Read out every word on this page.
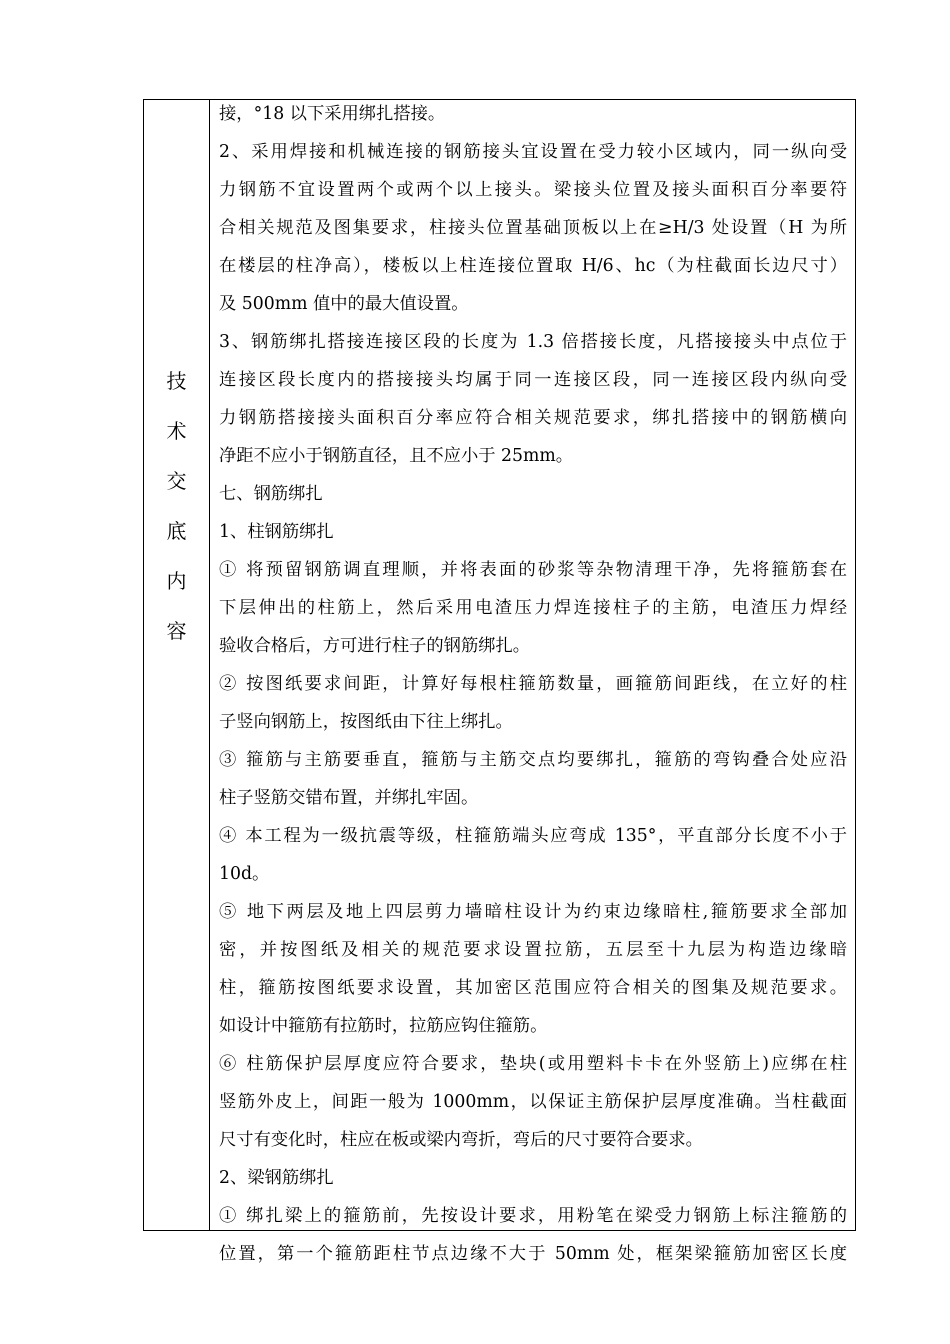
技
术
交
底
内
容
接，°18 以下采用绑扎搭接。
2、采用焊接和机械连接的钢筋接头宜设置在受力较小区域内，同一纵向受
力钢筋不宜设置两个或两个以上接头。梁接头位置及接头面积百分率要符
合相关规范及图集要求，柱接头位置基础顶板以上在≥H/3 处设置（H 为所
在楼层的柱净高），楼板以上柱连接位置取 H/6、hc（为柱截面长边尺寸）
及 500mm 值中的最大值设置。
3、钢筋绑扎搭接连接区段的长度为 1.3 倍搭接长度，凡搭接接头中点位于
连接区段长度内的搭接接头均属于同一连接区段，同一连接区段内纵向受
力钢筋搭接接头面积百分率应符合相关规范要求，绑扎搭接中的钢筋横向
净距不应小于钢筋直径，且不应小于 25mm。
七、钢筋绑扎
1、柱钢筋绑扎
① 将预留钢筋调直理顺，并将表面的砂浆等杂物清理干净，先将箍筋套在
下层伸出的柱筋上，然后采用电渣压力焊连接柱子的主筋，电渣压力焊经
验收合格后，方可进行柱子的钢筋绑扎。
② 按图纸要求间距，计算好每根柱箍筋数量，画箍筋间距线，在立好的柱
子竖向钢筋上，按图纸由下往上绑扎。
③ 箍筋与主筋要垂直，箍筋与主筋交点均要绑扎，箍筋的弯钩叠合处应沿
柱子竖筋交错布置，并绑扎牢固。
④ 本工程为一级抗震等级，柱箍筋端头应弯成 135°，平直部分长度不小于
10d。
⑤ 地下两层及地上四层剪力墙暗柱设计为约束边缘暗柱,箍筋要求全部加
密，并按图纸及相关的规范要求设置拉筋，五层至十九层为构造边缘暗
柱，箍筋按图纸要求设置，其加密区范围应符合相关的图集及规范要求。
如设计中箍筋有拉筋时，拉筋应钩住箍筋。
⑥ 柱筋保护层厚度应符合要求，垫块(或用塑料卡卡在外竖筋上)应绑在柱
竖筋外皮上，间距一般为 1000mm，以保证主筋保护层厚度准确。当柱截面
尺寸有变化时，柱应在板或梁内弯折，弯后的尺寸要符合要求。
2、梁钢筋绑扎
① 绑扎梁上的箍筋前，先按设计要求，用粉笔在梁受力钢筋上标注箍筋的
位置，第一个箍筋距柱节点边缘不大于 50mm 处，框架梁箍筋加密区长度
